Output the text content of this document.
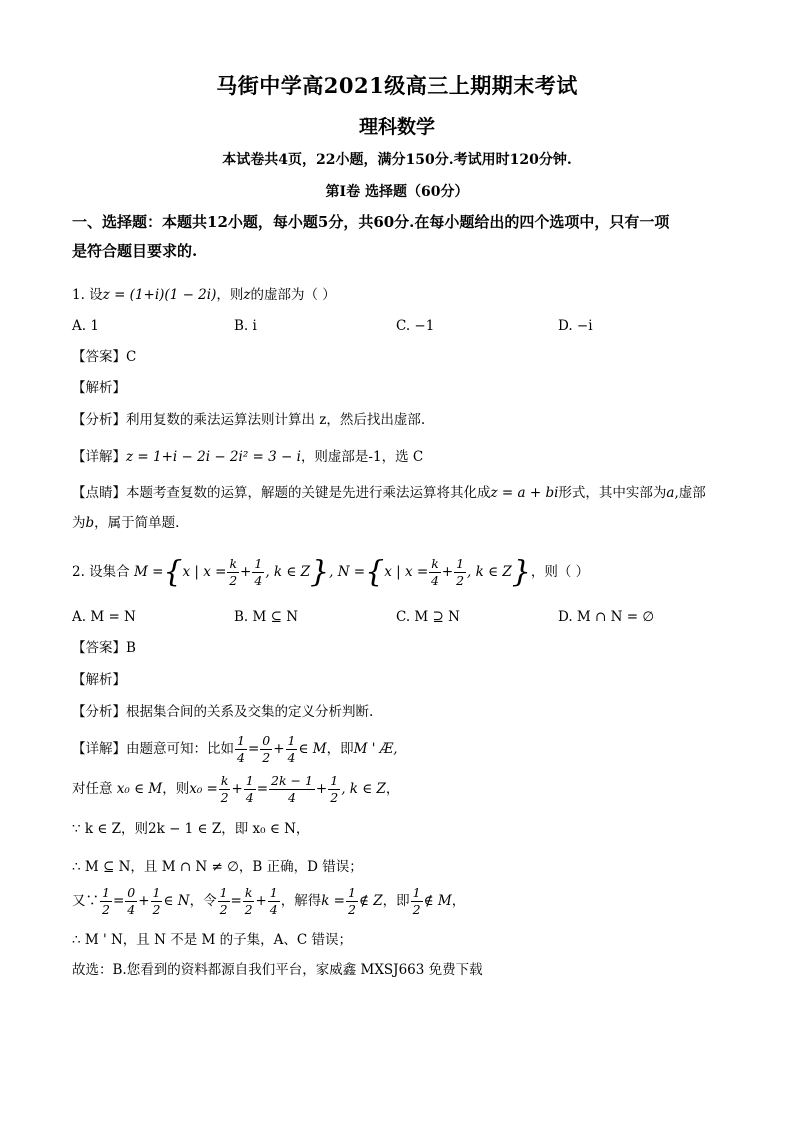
马街中学高2021级高三上期期末考试
理科数学
本试卷共4页，22小题，满分150分.考试用时120分钟.
第I卷 选择题（60分）
一、选择题：本题共12小题，每小题5分，共60分.在每小题给出的四个选项中，只有一项
是符合题目要求的.
1. 设z = (1+i)(1 − 2i)，则z的虚部为（ ）
A. 1	B. i	C. −1	D. −i
【答案】C
【解析】
【分析】利用复数的乘法运算法则计算出 z，然后找出虚部.
【详解】z = 1+i − 2i − 2i² = 3 − i，则虚部是-1，选 C
【点睛】本题考查复数的运算，解题的关键是先进行乘法运算将其化成z = a + bi形式，其中实部为a,虚部
为b，属于简单题.
2. 设集合 M ={x | $x = \frac{k}{2} + \frac{1}{4}$ , k ∈ Z}, N ={x | $x = \frac{k}{4} + \frac{1}{2}$ , k ∈ Z}，则（ ）
A. M = N	B. M ⊆ N	C. M ⊇ N	D. M ∩ N = ∅
【答案】B
【解析】
【分析】根据集合间的关系及交集的定义分析判断.
【详解】由题意可知：比如 $\frac{1}{4} = \frac{0}{2} + \frac{1}{4}$ ∈ M，即M ' Æ,
对任意 x₀ ∈ M，则$x_0 = \frac{k}{2} + \frac{1}{4} = \frac{2k - 1}{4} + \frac{1}{2}$ , k ∈ Z，
∵ k ∈ Z，则2k − 1 ∈ Z，即 x₀ ∈ N，
∴ M ⊆ N，且 M ∩ N ≠ ∅，B 正确，D 错误；
又∵ $\frac{1}{2} = \frac{0}{4} + \frac{1}{2}$ ∈ N，令 $\frac{1}{2} = \frac{k}{2} + \frac{1}{4}$ ，解得$k = \frac{1}{2}$ ∉ Z，即 $\frac{1}{2}$ ∉ M，
∴ M ' N，且 N 不是 M 的子集，A、C 错误；
故选：B.您看到的资料都源自我们平台，家威鑫 MXSJ663 免费下载
